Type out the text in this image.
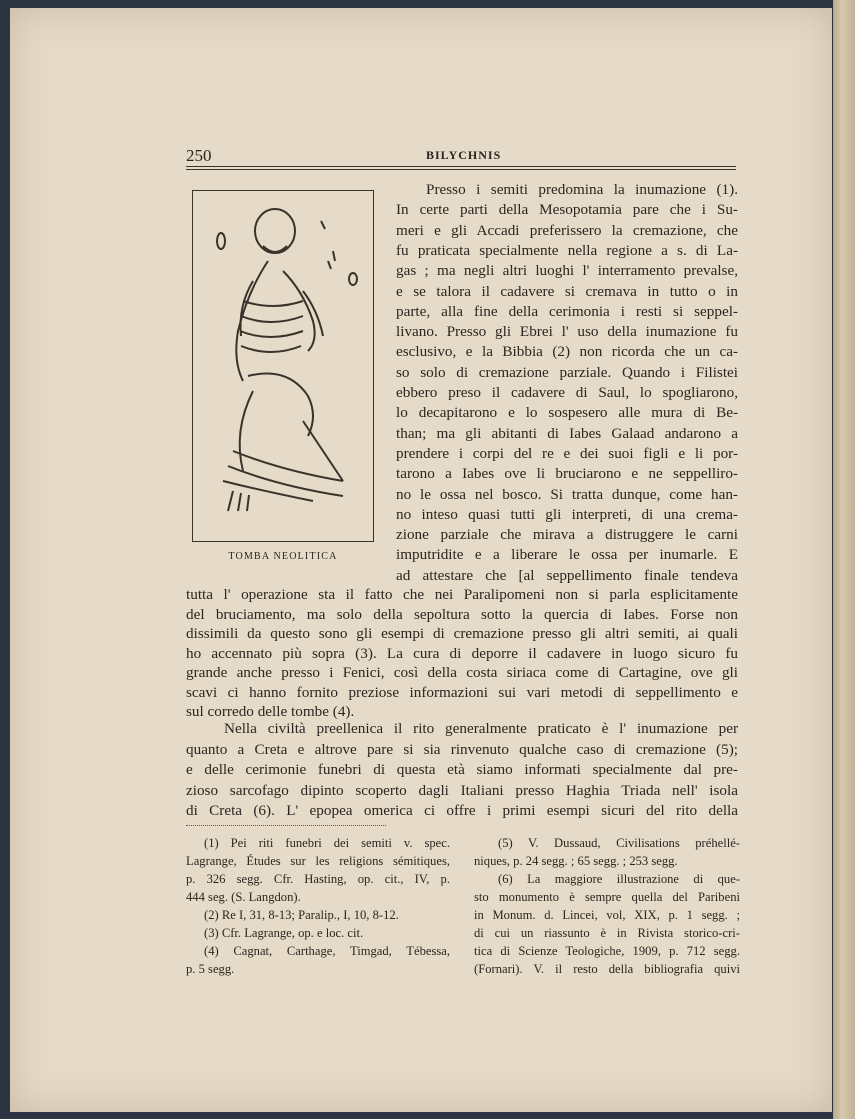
250	BILYCHNIS
TOMBA NEOLITICA
Presso i semiti predomina la inumazione (1).
In certe parti della Mesopotamia pare che i Su-
meri e gli Accadi preferissero la cremazione, che
fu praticata specialmente nella regione a s. di La-
gas ; ma negli altri luoghi l' interramento prevalse,
e se talora il cadavere si cremava in tutto o in
parte, alla fine della cerimonia i resti si seppel-
livano. Presso gli Ebrei l' uso della inumazione fu
esclusivo, e la Bibbia (2) non ricorda che un ca-
so solo di cremazione parziale. Quando i Filistei
ebbero preso il cadavere di Saul, lo spogliarono,
lo decapitarono e lo sospesero alle mura di Be-
than; ma gli abitanti di Iabes Galaad andarono a
prendere i corpi del re e dei suoi figli e li por-
tarono a Iabes ove li bruciarono e ne seppelliro-
no le ossa nel bosco. Si tratta dunque, come han-
no inteso quasi tutti gli interpreti, di una crema-
zione parziale che mirava a distruggere le carni
imputridite e a liberare le ossa per inumarle. E
ad attestare che [al seppellimento finale tendeva
tutta l' operazione sta il fatto che nei Paralipomeni non si parla esplicitamente
del bruciamento, ma solo della sepoltura sotto la quercia di Iabes. Forse non
dissimili da questo sono gli esempi di cremazione presso gli altri semiti, ai quali
ho accennato più sopra (3). La cura di deporre il cadavere in luogo sicuro fu
grande anche presso i Fenici, così della costa siriaca come di Cartagine, ove gli
scavi ci hanno fornito preziose informazioni sui vari metodi di seppellimento e
sul corredo delle tombe (4).
(1) Pei riti funebri dei semiti v. spec.
Lagrange, Études sur les religions sémitiques,
p. 326 segg. Cfr. Hasting, op. cit., IV, p.
444 seg. (S. Langdon).
(2) Re I, 31, 8-13; Paralip., I, 10, 8-12.
(3) Cfr. Lagrange, op. e loc. cit.
(4) Cagnat, Carthage, Timgad, Tébessa,
p. 5 segg.
(5) V. Dussaud, Civilisations préhellé-
niques, p. 24 segg. ; 65 segg. ; 253 segg.
(6) La maggiore illustrazione di que-
sto monumento è sempre quella del Paribeni
in Monum. d. Lincei, vol, XIX, p. 1 segg. ;
di cui un riassunto è in Rivista storico-cri-
tica di Scienze Teologiche, 1909, p. 712 segg.
(Fornari). V. il resto della bibliografia quivi
Nella civiltà preellenica il rito generalmente praticato è l' inumazione per
quanto a Creta e altrove pare si sia rinvenuto qualche caso di cremazione (5);
e delle cerimonie funebri di questa età siamo informati specialmente dal pre-
zioso sarcofago dipinto scoperto dagli Italiani presso Haghia Triada nell' isola
di Creta (6). L' epopea omerica ci offre i primi esempi sicuri del rito della
